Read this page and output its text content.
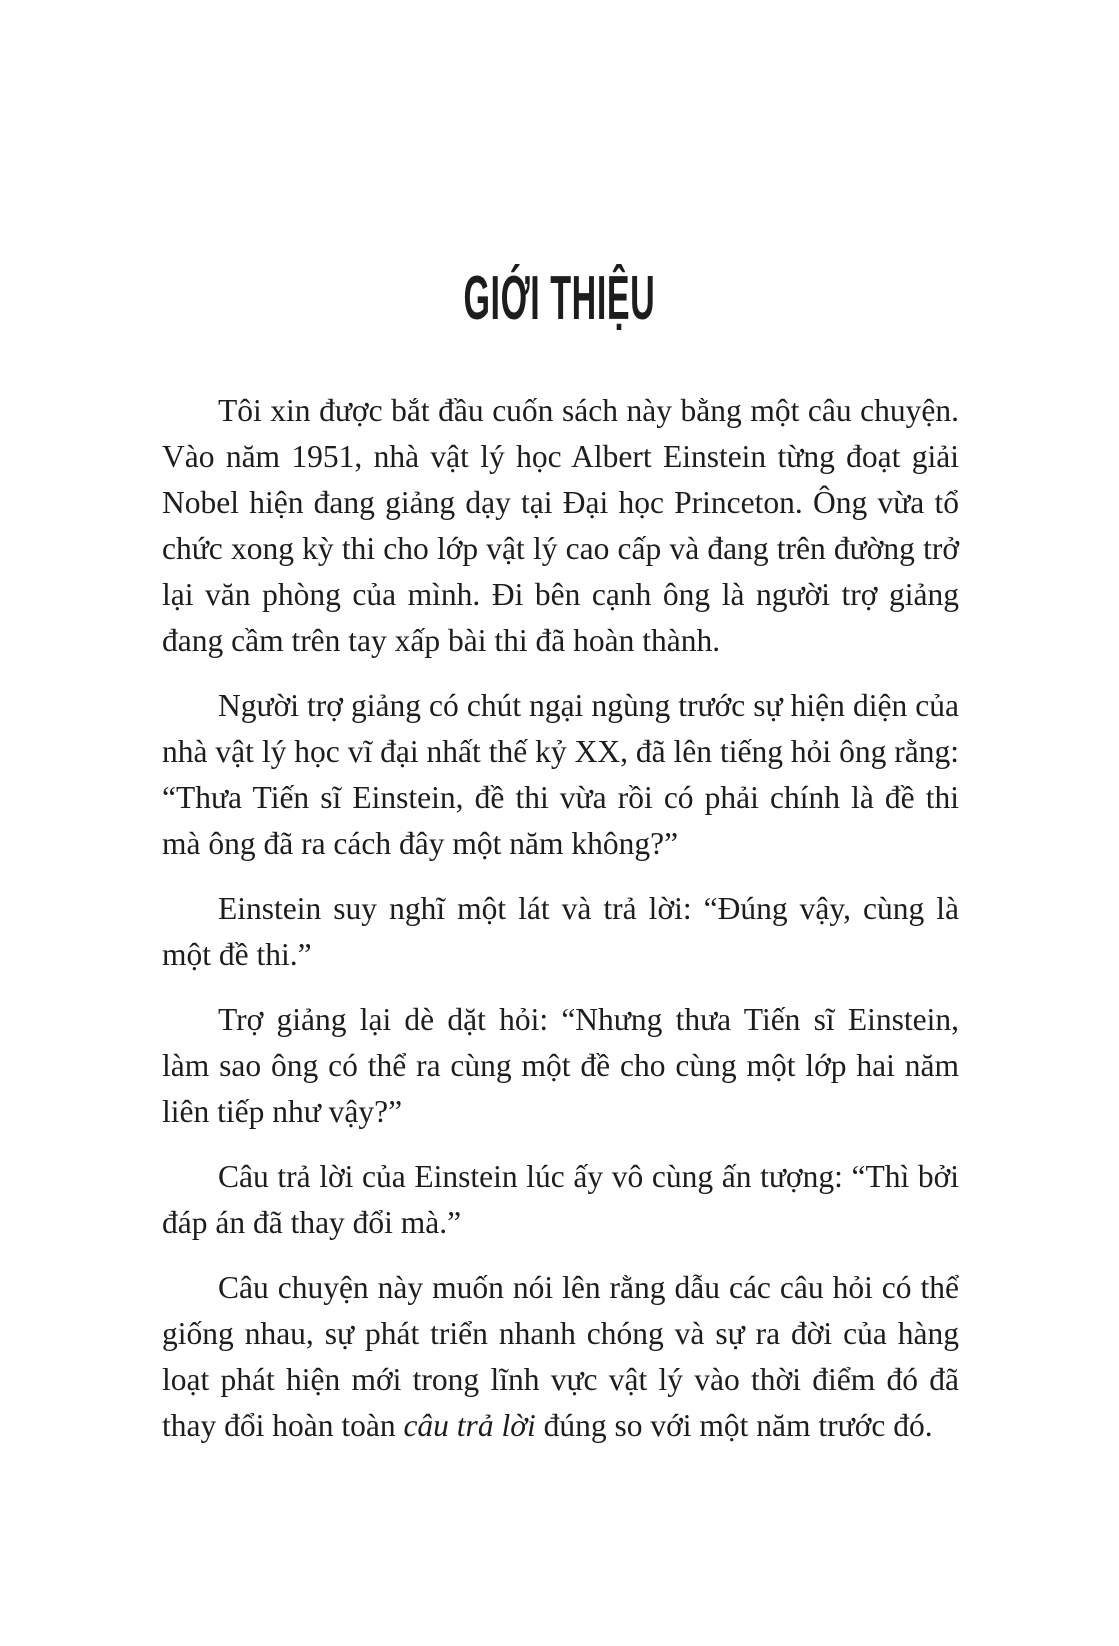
GIỚI THIỆU

Tôi xin được bắt đầu cuốn sách này bằng một câu chuyện. Vào năm 1951, nhà vật lý học Albert Einstein từng đoạt giải Nobel hiện đang giảng dạy tại Đại học Princeton. Ông vừa tổ chức xong kỳ thi cho lớp vật lý cao cấp và đang trên đường trở lại văn phòng của mình. Đi bên cạnh ông là người trợ giảng đang cầm trên tay xấp bài thi đã hoàn thành.

Người trợ giảng có chút ngại ngùng trước sự hiện diện của nhà vật lý học vĩ đại nhất thế kỷ XX, đã lên tiếng hỏi ông rằng: “Thưa Tiến sĩ Einstein, đề thi vừa rồi có phải chính là đề thi mà ông đã ra cách đây một năm không?”

Einstein suy nghĩ một lát và trả lời: “Đúng vậy, cùng là một đề thi.”

Trợ giảng lại dè dặt hỏi: “Nhưng thưa Tiến sĩ Einstein, làm sao ông có thể ra cùng một đề cho cùng một lớp hai năm liên tiếp như vậy?”

Câu trả lời của Einstein lúc ấy vô cùng ấn tượng: “Thì bởi đáp án đã thay đổi mà.”

Câu chuyện này muốn nói lên rằng dẫu các câu hỏi có thể giống nhau, sự phát triển nhanh chóng và sự ra đời của hàng loạt phát hiện mới trong lĩnh vực vật lý vào thời điểm đó đã thay đổi hoàn toàn câu trả lời đúng so với một năm trước đó.
